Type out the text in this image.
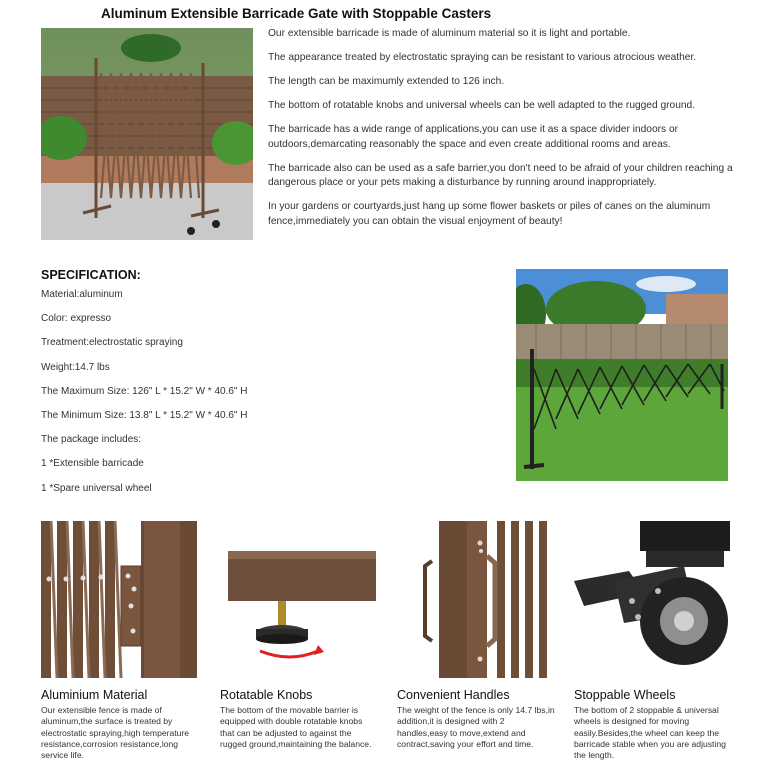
Aluminum Extensible Barricade Gate with Stoppable Casters

Our extensible barricade is made of aluminum material so it is light and portable.

The appearance treated by electrostatic spraying can be resistant to various atrocious weather.

The length can be maximumly extended to 126 inch.

The bottom of rotatable knobs and universal wheels can be well adapted to the rugged ground.

The barricade has a wide range of applications,you can use it as a space divider indoors or outdoors,demarcating reasonably the space and even create additional rooms and areas.

The barricade also can be used as a safe barrier,you don't need to be afraid of your children reaching a dangerous place or your pets making a disturbance by running around inappropriately.

In your gardens or courtyards,just hang up some flower baskets or piles of canes on the aluminum fence,immediately you can obtain the visual enjoyment of beauty!

SPECIFICATION:
Material:aluminum
Color: expresso
Treatment:electrostatic spraying
Weight:14.7 lbs
The Maximum Size: 126" L * 15.2" W * 40.6" H
The Minimum Size: 13.8" L * 15.2" W * 40.6" H
The package includes:
1 *Extensible barricade
1 *Spare universal wheel
Aluminium Material

Our extensible fence is made of aluminum,the surface is treated by electrostatic spraying,high temperature resistance,corrosion resistance,long service life.

Rotatable Knobs

The bottom of the movable barrier is equipped with double rotatable knobs that can be adjusted to against the rugged ground,maintaining the balance.

Convenient Handles

The weight of the fence is only 14.7 lbs,in addition,it is designed with 2 handles,easy to move,extend and contract,saving your effort and time.

Stoppable Wheels

The bottom of 2 stoppable & universal wheels is designed for moving easily.Besides,the wheel can keep the barricade stable when you are adjusting the length.
